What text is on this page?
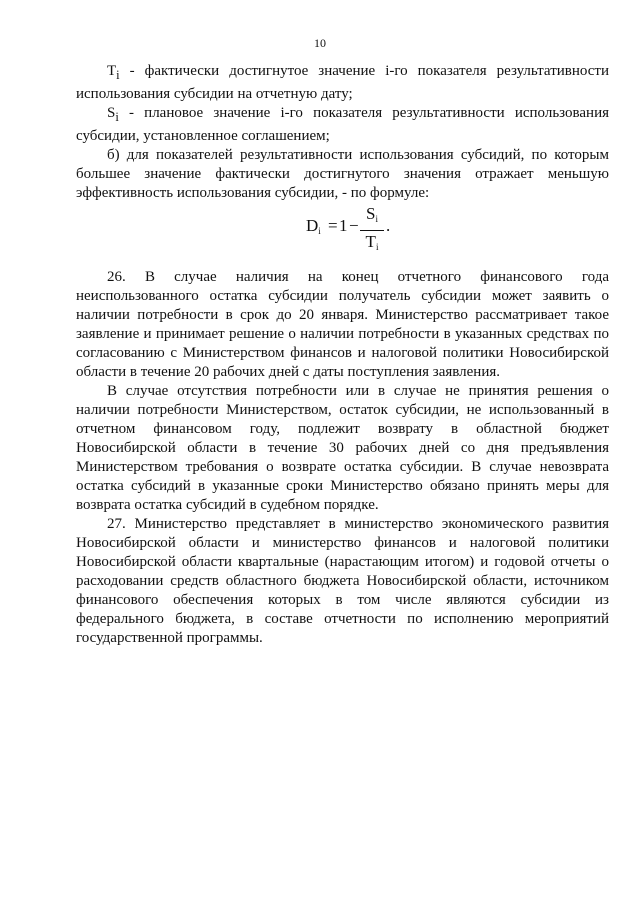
10

$T_i$ - фактически достигнутое значение i-го показателя результативности использования субсидии на отчетную дату;

$S_i$ - плановое значение i-го показателя результативности использования субсидии, установленное соглашением;

б) для показателей результативности использования субсидий, по которым большее значение фактически достигнутого значения отражает меньшую эффективность использования субсидии, - по формуле:

$D_i = 1$ −
$S_i$
$T_i$
.

26. В случае наличия на конец отчетного финансового года неиспользованного остатка субсидии получатель субсидии может заявить о наличии потребности в срок до 20 января. Министерство рассматривает такое заявление и принимает решение о наличии потребности в указанных средствах по согласованию с Министерством финансов и налоговой политики Новосибирской области в течение 20 рабочих дней с даты поступления заявления.

В случае отсутствия потребности или в случае не принятия решения о наличии потребности Министерством, остаток субсидии, не использованный в отчетном финансовом году, подлежит возврату в областной бюджет Новосибирской области в течение 30 рабочих дней со дня предъявления Министерством требования о возврате остатка субсидии. В случае невозврата остатка субсидий в указанные сроки Министерство обязано принять меры для возврата остатка субсидий в судебном порядке.

27. Министерство представляет в министерство экономического развития Новосибирской области и министерство финансов и налоговой политики Новосибирской области квартальные (нарастающим итогом) и годовой отчеты о расходовании средств областного бюджета Новосибирской области, источником финансового обеспечения которых в том числе являются субсидии из федерального бюджета, в составе отчетности по исполнению мероприятий государственной программы.
